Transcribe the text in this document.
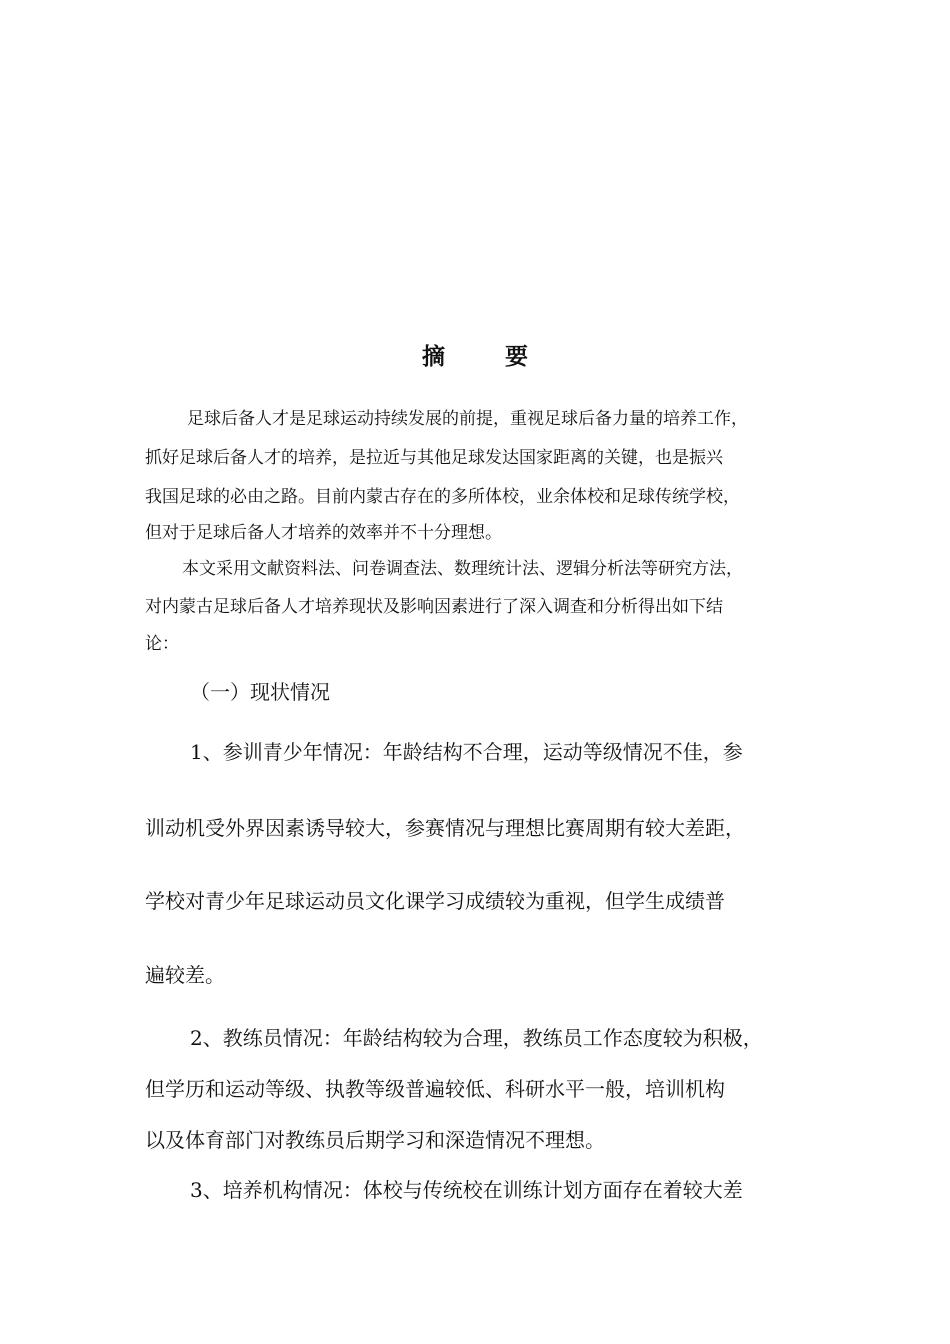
摘 要

足球后备人才是足球运动持续发展的前提，重视足球后备力量的培养工作，

抓好足球后备人才的培养，是拉近与其他足球发达国家距离的关键，也是振兴

我国足球的必由之路。目前内蒙古存在的多所体校，业余体校和足球传统学校，

但对于足球后备人才培养的效率并不十分理想。

本文采用文献资料法、问卷调查法、数理统计法、逻辑分析法等研究方法，

对内蒙古足球后备人才培养现状及影响因素进行了深入调查和分析得出如下结

论：

（一）现状情况

1、参训青少年情况：年龄结构不合理，运动等级情况不佳，参

训动机受外界因素诱导较大，参赛情况与理想比赛周期有较大差距，

学校对青少年足球运动员文化课学习成绩较为重视，但学生成绩普

遍较差。

2、教练员情况：年龄结构较为合理，教练员工作态度较为积极，

但学历和运动等级、执教等级普遍较低、科研水平一般，培训机构

以及体育部门对教练员后期学习和深造情况不理想。

3、培养机构情况：体校与传统校在训练计划方面存在着较大差
